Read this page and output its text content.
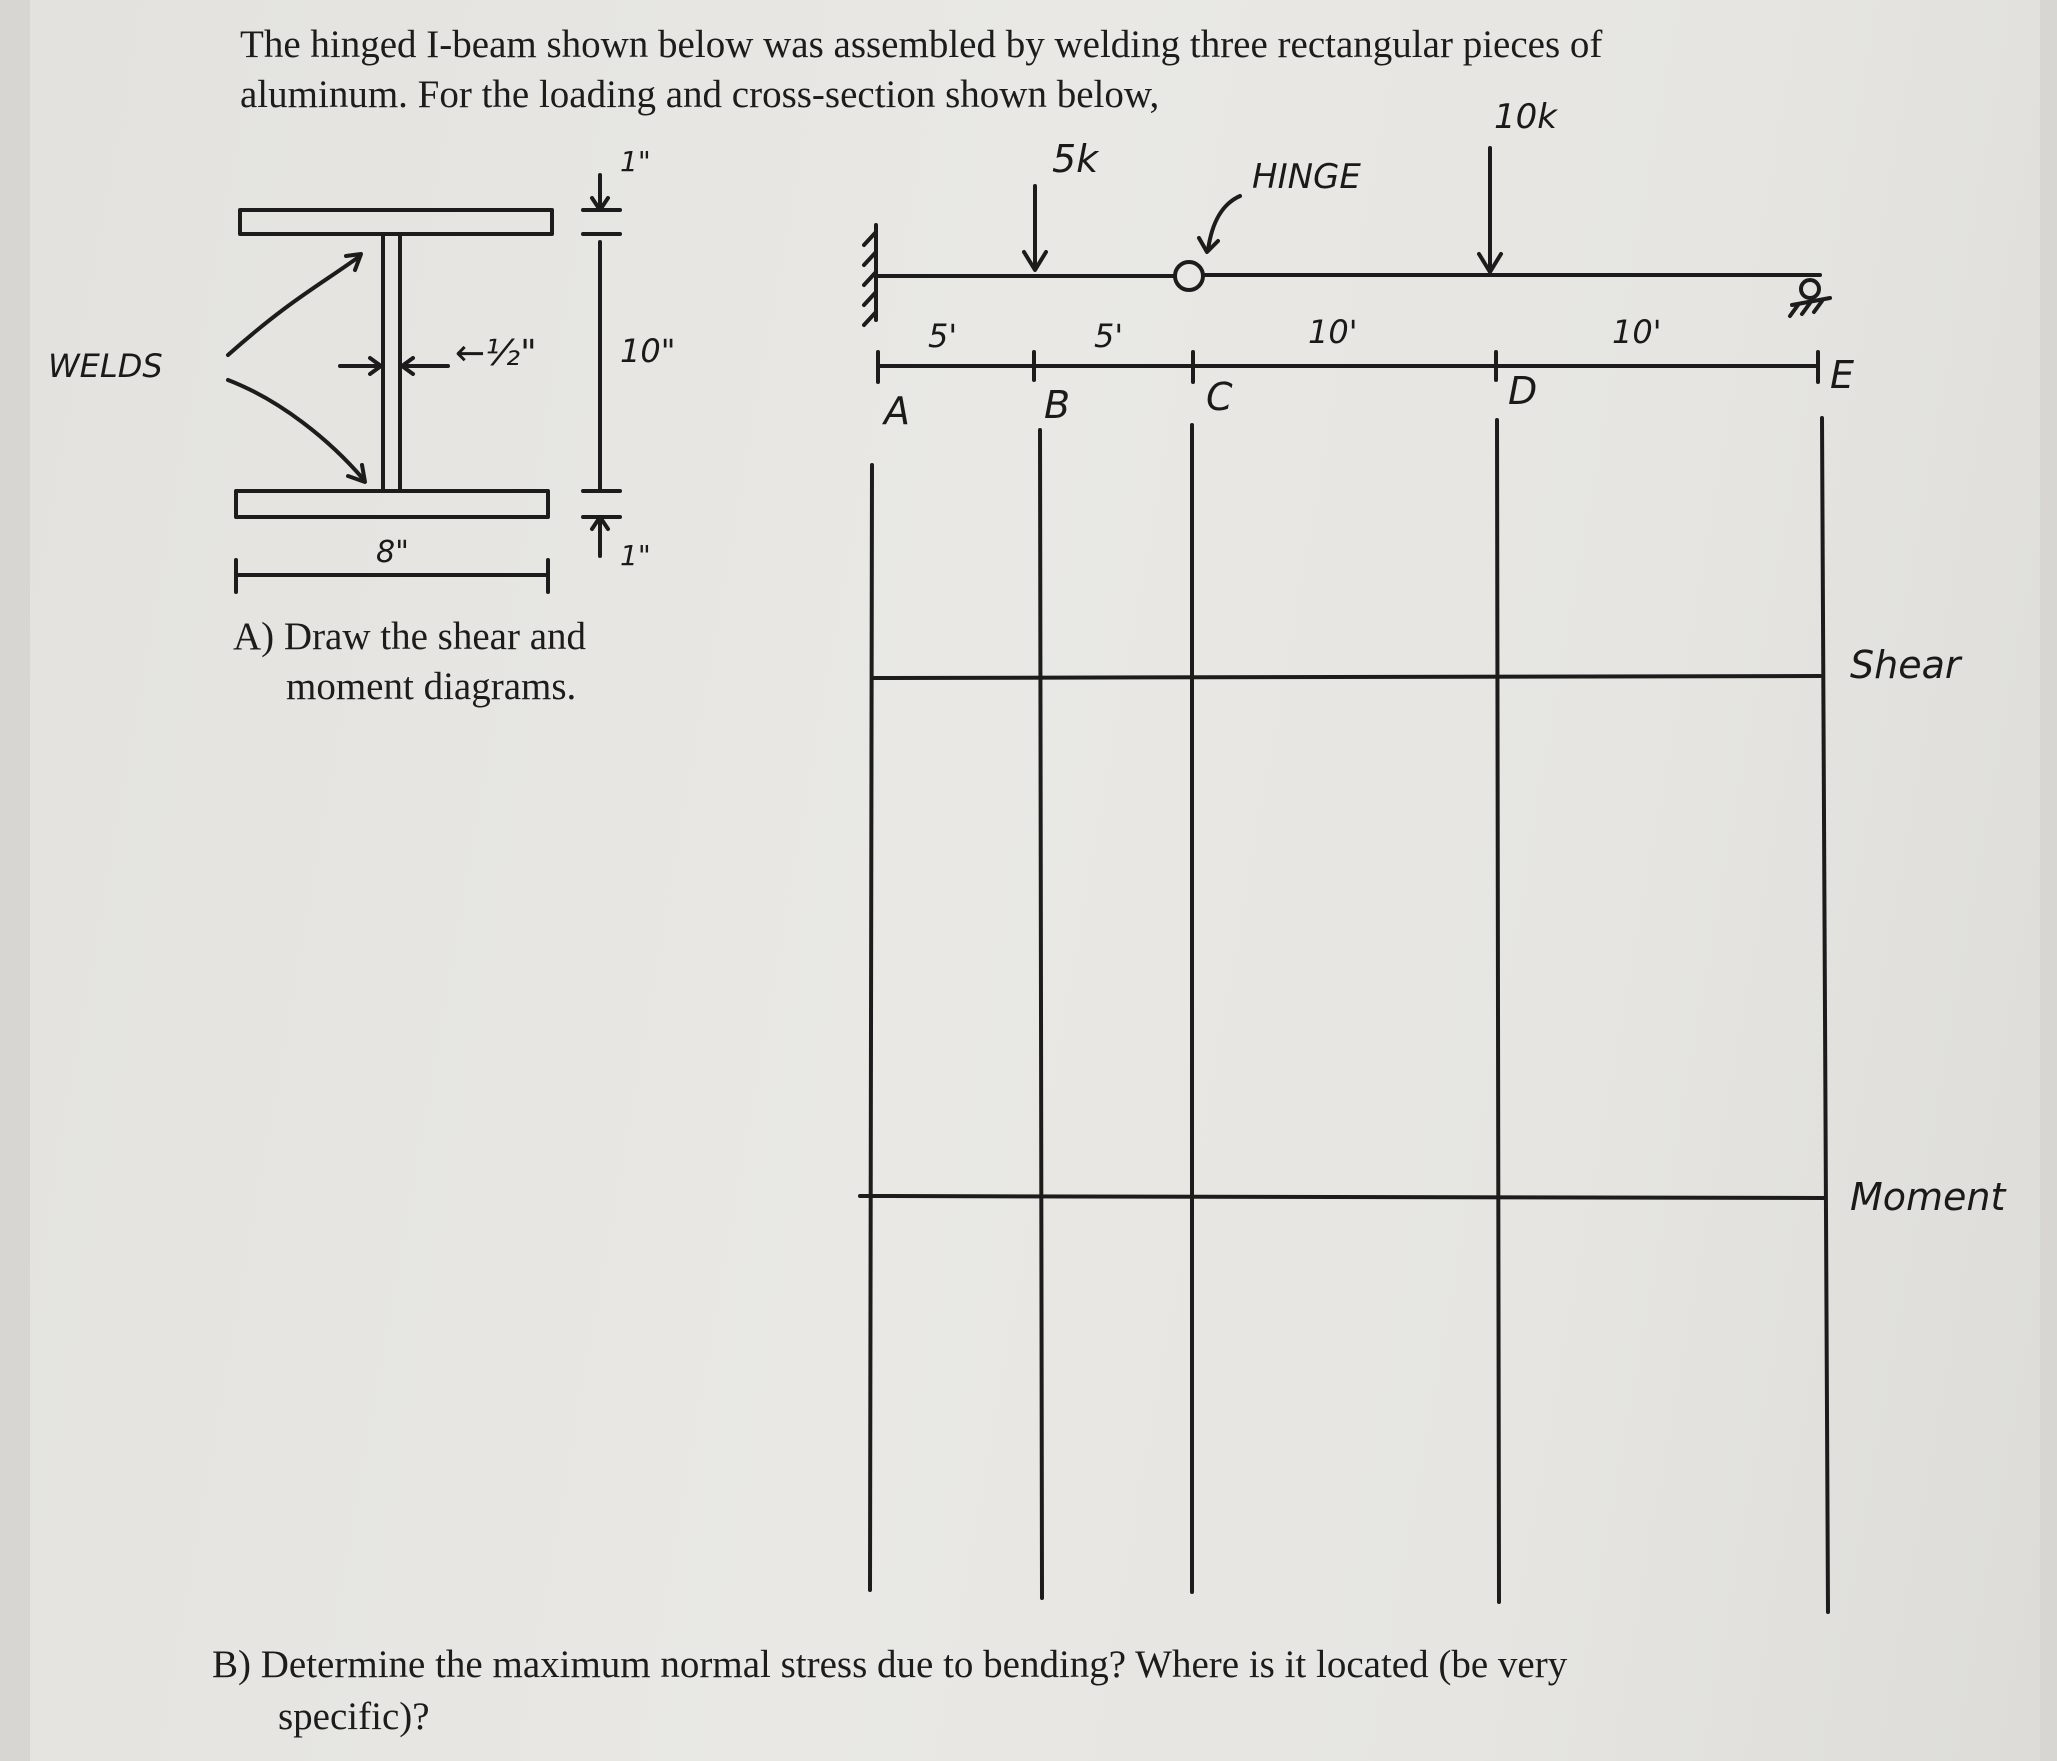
The hinged I-beam shown below was assembled by welding three rectangular pieces of
aluminum. For the loading and cross-section shown below,
A) Draw the shear and
moment diagrams.
B) Determine the maximum normal stress due to bending? Where is it located (be very
specific)?
WELDS	←½"
1"
1"
10"
8"
5k
10k
HINGE
5'	5'	10'	10'
A	B	C	D	E
Shear
Moment
